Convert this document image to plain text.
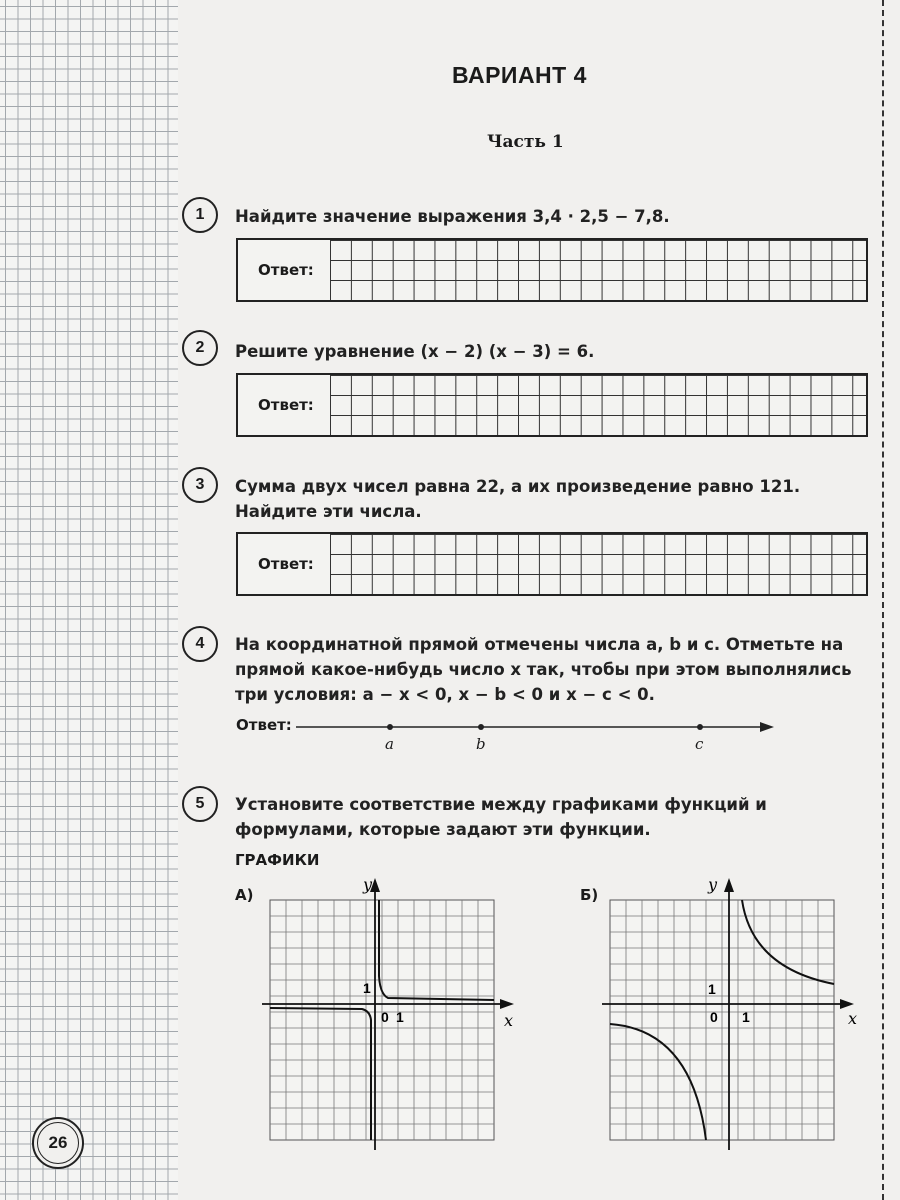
ВАРИАНТ 4
Часть 1
1	Найдите значение выражения 3,4 · 2,5 − 7,8.
Ответ:
2	Решите уравнение (x − 2) (x − 3) = 6.
Ответ:
3	Сумма двух чисел равна 22, а их произведение равно 121. Найдите эти числа.
Ответ:
4	На координатной прямой отмечены числа a, b и c. Отметьте на прямой какое-нибудь число x так, чтобы при этом выполнялись три условия: a − x < 0, x − b < 0 и x − c < 0.
Ответ:
a	b	c
5	Установите соответствие между графиками функций и формулами, которые задают эти функции.
ГРАФИКИ
А)	Б)
y
x
1
0 1
y
x
1
0 1
26
